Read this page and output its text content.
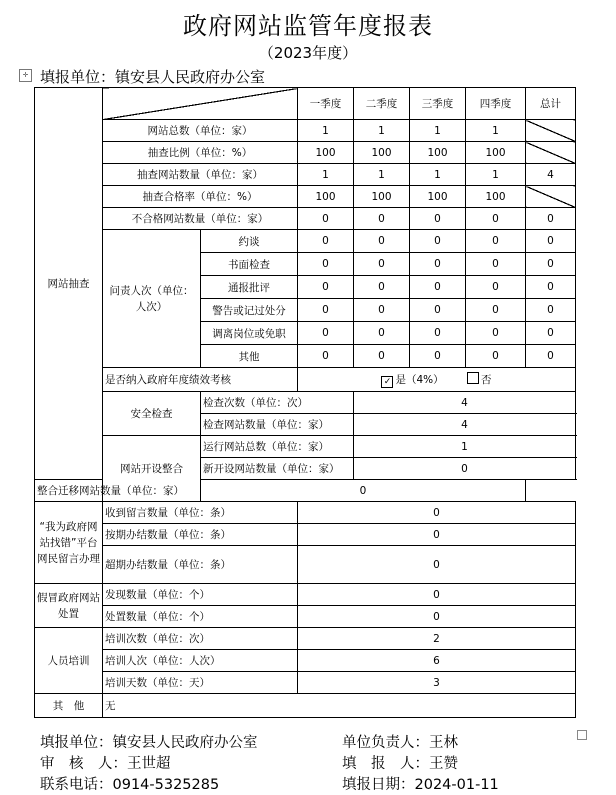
政府网站监管年度报表
（2023年度）
✛ 填报单位：镇安县人民政府办公室
网站抽查			一季度	二季度	三季度	四季度	总计
	网站总数（单位：家）		1	1	1	1	
	抽查比例（单位：%）		100	100	100	100	
	抽查网站数量（单位：家）		1	1	1	1	4
	抽查合格率（单位：%）		100	100	100	100	
	不合格网站数量（单位：家）		0	0	0	0	0
	问责人次（单位：人次）	约谈	0	0	0	0	0
		书面检查	0	0	0	0	0
		通报批评	0	0	0	0	0
		警告或记过处分	0	0	0	0	0
		调离岗位或免职	0	0	0	0	0
		其他	0	0	0	0	0
	是否纳入政府年度绩效考核		✓ 是（4%） 否				
	安全检查	检查次数（单位：次）		4			
		检查网站数量（单位：家）		4			
	网站开设整合	运行网站总数（单位：家）		1			
		新开设网站数量（单位：家）		0			
整合迁移网站数量（单位：家）		0					
“我为政府网站找错”平台网民留言办理	收到留言数量（单位：条）		0				
	按期办结数量（单位：条）		0				
	超期办结数量（单位：条）		0				
假冒政府网站处置	发现数量（单位：个）		0				
	处置数量（单位：个）		0				
人员培训	培训次数（单位：次）		2				
	培训人次（单位：人次）		6				
	培训天数（单位：天）		3				
其　他	无						
填报单位：镇安县人民政府办公室	单位负责人：王林
审　核　人：王世超	填　报　人：王赞
联系电话：0914-5325285	填报日期：2024-01-11
